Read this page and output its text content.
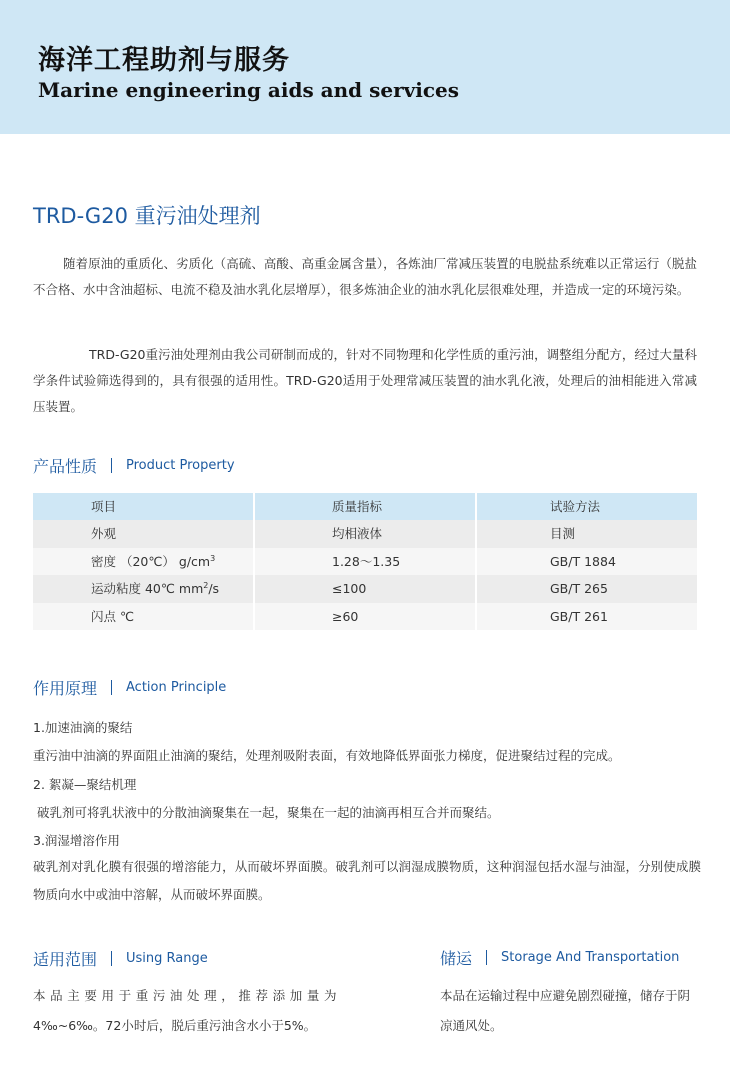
海洋工程助剂与服务
Marine engineering aids and services
TRD-G20 重污油处理剂

随着原油的重质化、劣质化（高硫、高酸、高重金属含量），各炼油厂常减压装置的电脱盐系统难以正常运行（脱盐不合格、水中含油超标、电流不稳及油水乳化层增厚），很多炼油企业的油水乳化层很难处理，并造成一定的环境污染。

TRD-G20重污油处理剂由我公司研制而成的，针对不同物理和化学性质的重污油，调整组分配方，经过大量科学条件试验筛选得到的，具有很强的适用性。TRD-G20适用于处理常减压装置的油水乳化液，处理后的油相能进入常减压装置。

产品性质 Product Property
项目	质量指标	试验方法
外观	均相液体	目测
密度 （20℃） $g/cm^3$	1.28～1.35	GB/T 1884
运动粘度 40℃ $mm^2/s$	≤100	GB/T 265
闪点 ℃	≥60	GB/T 261
作用原理 Action Principle
1.加速油滴的聚结
重污油中油滴的界面阻止油滴的聚结，处理剂吸附表面，有效地降低界面张力梯度，促进聚结过程的完成。
2. 絮凝—聚结机理
破乳剂可将乳状液中的分散油滴聚集在一起，聚集在一起的油滴再相互合并而聚结。
3.润湿增溶作用
破乳剂对乳化膜有很强的增溶能力，从而破坏界面膜。破乳剂可以润湿成膜物质，这种润湿包括水湿与油湿，分别使成膜物质向水中或油中溶解，从而破坏界面膜。
适用范围 Using Range
本品主要用于重污油处理，推荐添加量为
4‰~6‰。72小时后，脱后重污油含水小于5%。
储运 Storage And Transportation
本品在运输过程中应避免剧烈碰撞，储存于阴凉通风处。
